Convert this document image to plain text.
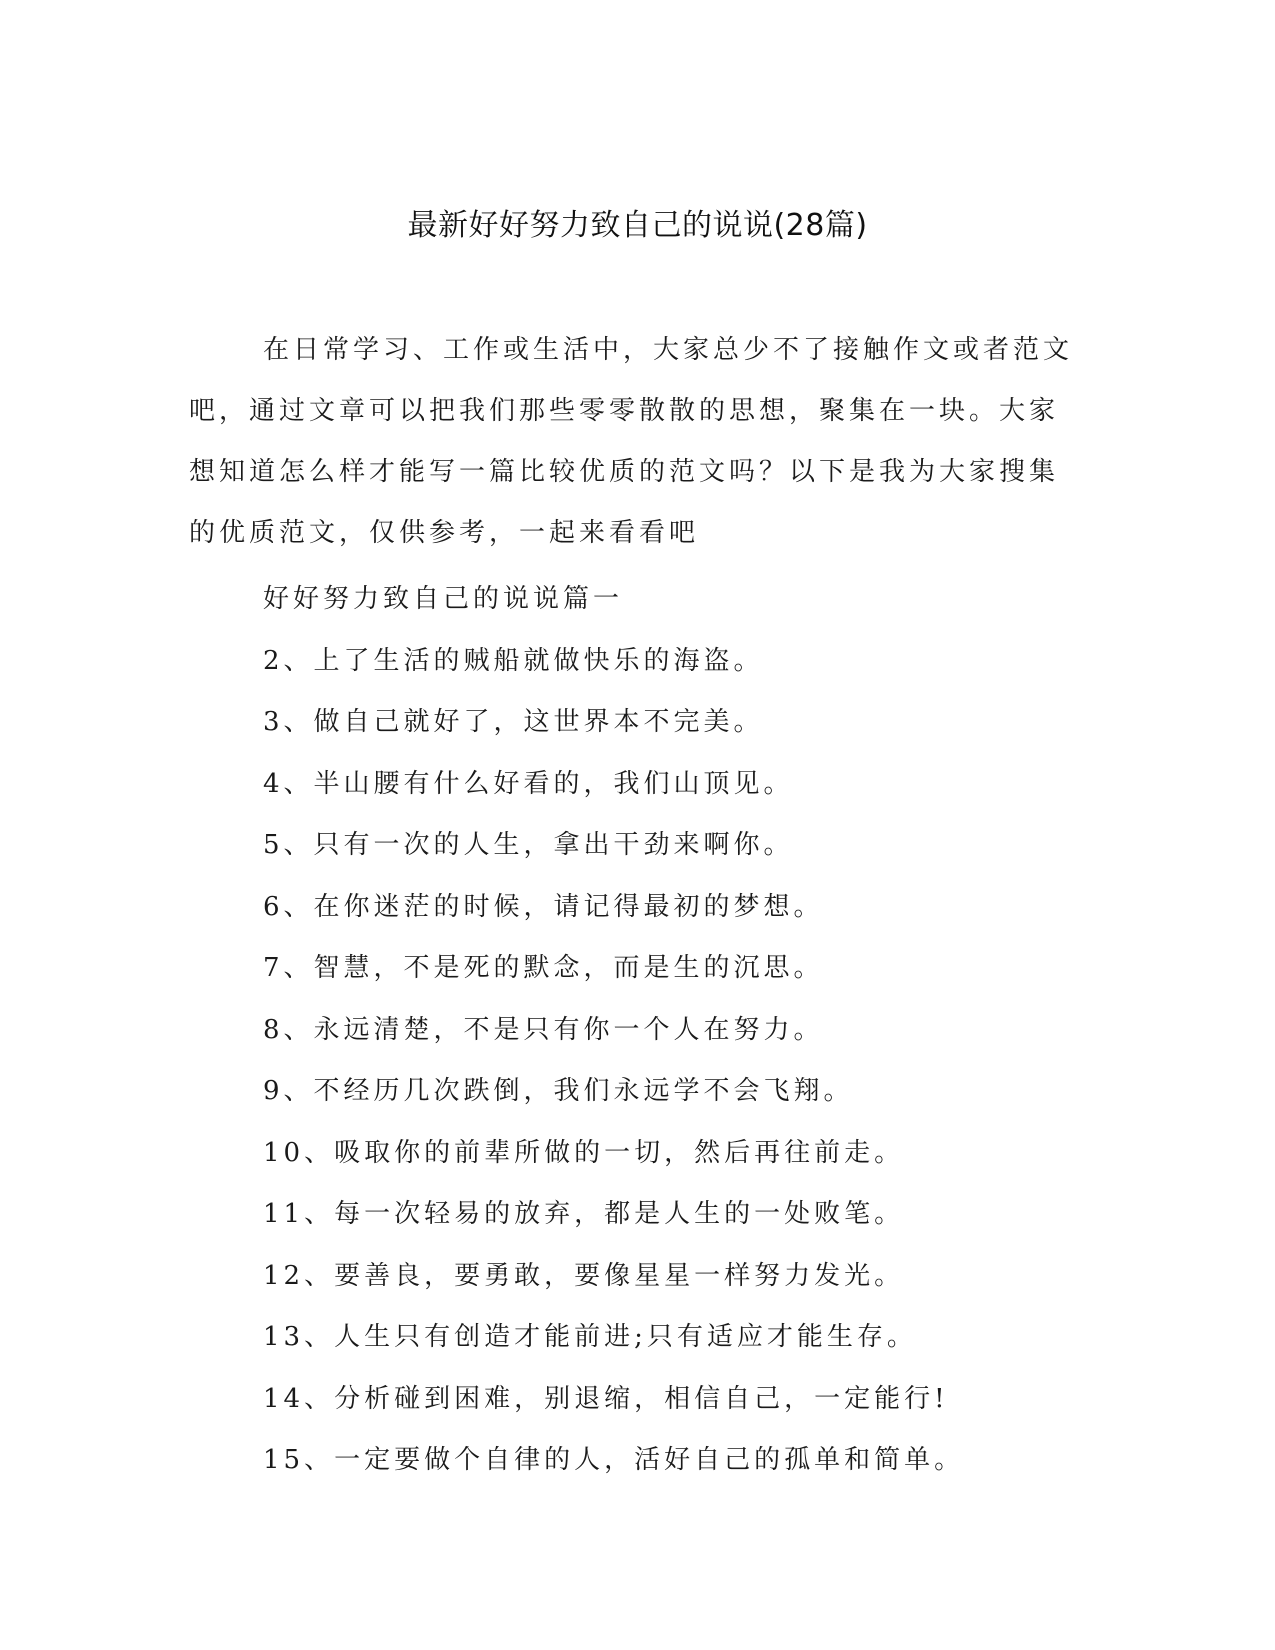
最新好好努力致自己的说说(28篇)

在日常学习、工作或生活中，大家总少不了接触作文或者范文吧，通过文章可以把我们那些零零散散的思想，聚集在一块。大家想知道怎么样才能写一篇比较优质的范文吗？以下是我为大家搜集的优质范文，仅供参考，一起来看看吧

好好努力致自己的说说篇一
2、上了生活的贼船就做快乐的海盗。
3、做自己就好了，这世界本不完美。
4、半山腰有什么好看的，我们山顶见。
5、只有一次的人生，拿出干劲来啊你。
6、在你迷茫的时候，请记得最初的梦想。
7、智慧，不是死的默念，而是生的沉思。
8、永远清楚，不是只有你一个人在努力。
9、不经历几次跌倒，我们永远学不会飞翔。
10、吸取你的前辈所做的一切，然后再往前走。
11、每一次轻易的放弃，都是人生的一处败笔。
12、要善良，要勇敢，要像星星一样努力发光。
13、人生只有创造才能前进;只有适应才能生存。
14、分析碰到困难，别退缩，相信自己，一定能行!
15、一定要做个自律的人，活好自己的孤单和简单。
